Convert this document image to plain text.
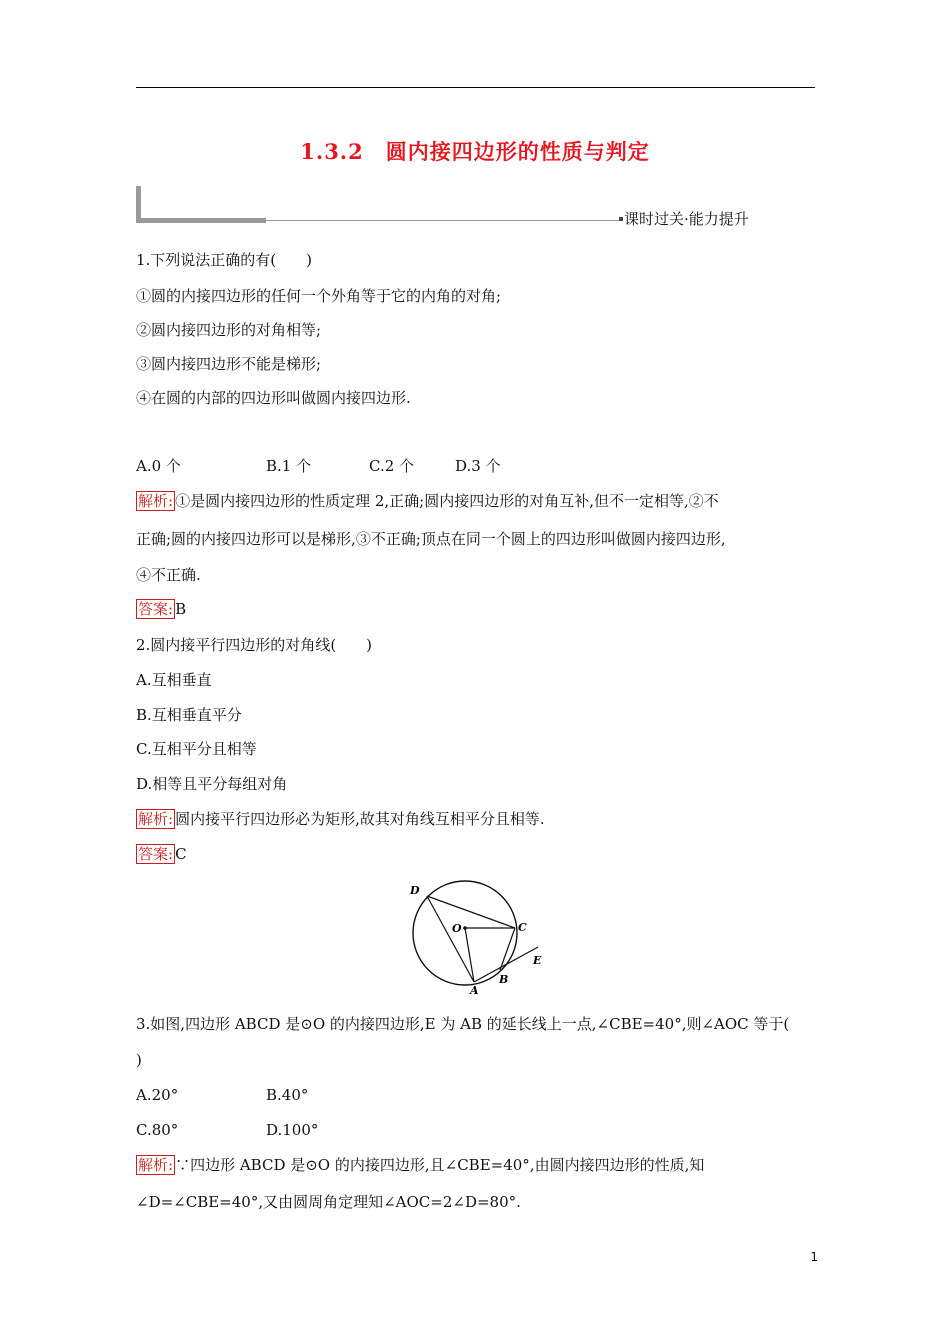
1.3.2 圆内接四边形的性质与判定
课时过关·能力提升
1.下列说法正确的有(　　)
①圆的内接四边形的任何一个外角等于它的内角的对角;
②圆内接四边形的对角相等;
③圆内接四边形不能是梯形;
④在圆的内部的四边形叫做圆内接四边形.
A.0 个	B.1 个	C.2 个	D.3 个
解析: ①是圆内接四边形的性质定理 2,正确;圆内接四边形的对角互补,但不一定相等,②不
正确;圆的内接四边形可以是梯形,③不正确;顶点在同一个圆上的四边形叫做圆内接四边形,
④不正确.
答案: B
2.圆内接平行四边形的对角线(　　)
A.互相垂直
B.互相垂直平分
C.互相平分且相等
D.相等且平分每组对角
解析: 圆内接平行四边形必为矩形,故其对角线互相平分且相等.
答案: C
D
O	C
B
A
E
3.如图,四边形 ABCD 是⊙O 的内接四边形,E 为 AB 的延长线上一点,∠CBE=40°,则∠AOC 等于(
)
A.20°	B.40°
C.80°	D.100°
解析: ∵四边形 ABCD 是⊙O 的内接四边形,且∠CBE=40°,由圆内接四边形的性质,知
∠D=∠CBE=40°,又由圆周角定理知∠AOC=2∠D=80°.
1
